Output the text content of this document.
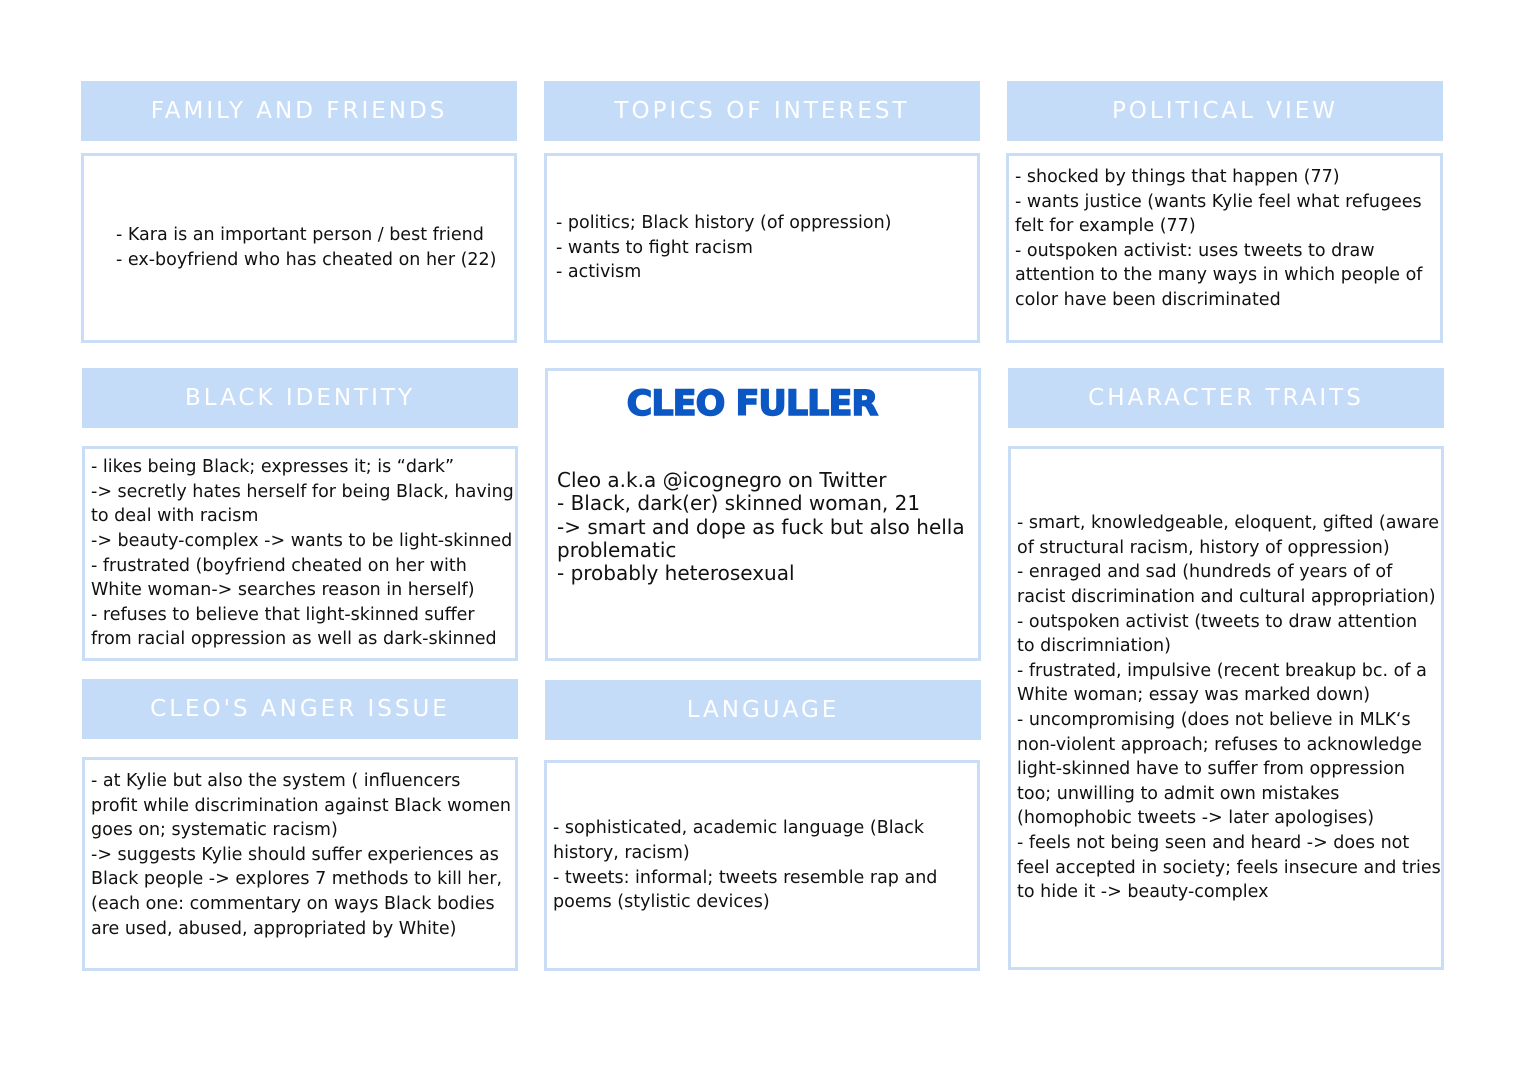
FAMILY AND FRIENDS	TOPICS OF INTEREST	POLITICAL VIEW
BLACK IDENTITY	CHARACTER TRAITS
CLEO'S ANGER ISSUE	LANGUAGE

- Kara is an important person / best friend

- ex-boyfriend who has cheated on her (22)

- politics; Black history (of oppression)

- wants to fight racism

- activism

- shocked by things that happen (77)

- wants justice (wants Kylie feel what refugees

felt for example (77)

- outspoken activist: uses tweets to draw

attention to the many ways in which people of

color have been discriminated

- likes being Black; expresses it; is “dark”

-> secretly hates herself for being Black, having

to deal with racism

-> beauty-complex -> wants to be light-skinned

- frustrated (boyfriend cheated on her with

White woman-> searches reason in herself)

- refuses to believe that light-skinned suffer

from racial oppression as well as dark-skinned

CLEO FULLER

Cleo a.k.a @icognegro on Twitter

- Black, dark(er) skinned woman, 21

-> smart and dope as fuck but also hella

problematic

- probably heterosexual

- smart, knowledgeable, eloquent, gifted (aware

of structural racism, history of oppression)

- enraged and sad (hundreds of years of of

racist discrimination and cultural appropriation)

- outspoken activist (tweets to draw attention

to discrimniation)

- frustrated, impulsive (recent breakup bc. of a

White woman; essay was marked down)

- uncompromising (does not believe in MLK‘s

non-violent approach; refuses to acknowledge

light-skinned have to suffer from oppression

too; unwilling to admit own mistakes

(homophobic tweets -> later apologises)

- feels not being seen and heard -> does not

feel accepted in society; feels insecure and tries

to hide it -> beauty-complex

- at Kylie but also the system ( influencers

profit while discrimination against Black women

goes on; systematic racism)

-> suggests Kylie should suffer experiences as

Black people -> explores 7 methods to kill her,

(each one: commentary on ways Black bodies

are used, abused, appropriated by White)

- sophisticated, academic language (Black

history, racism)

- tweets: informal; tweets resemble rap and

poems (stylistic devices)
